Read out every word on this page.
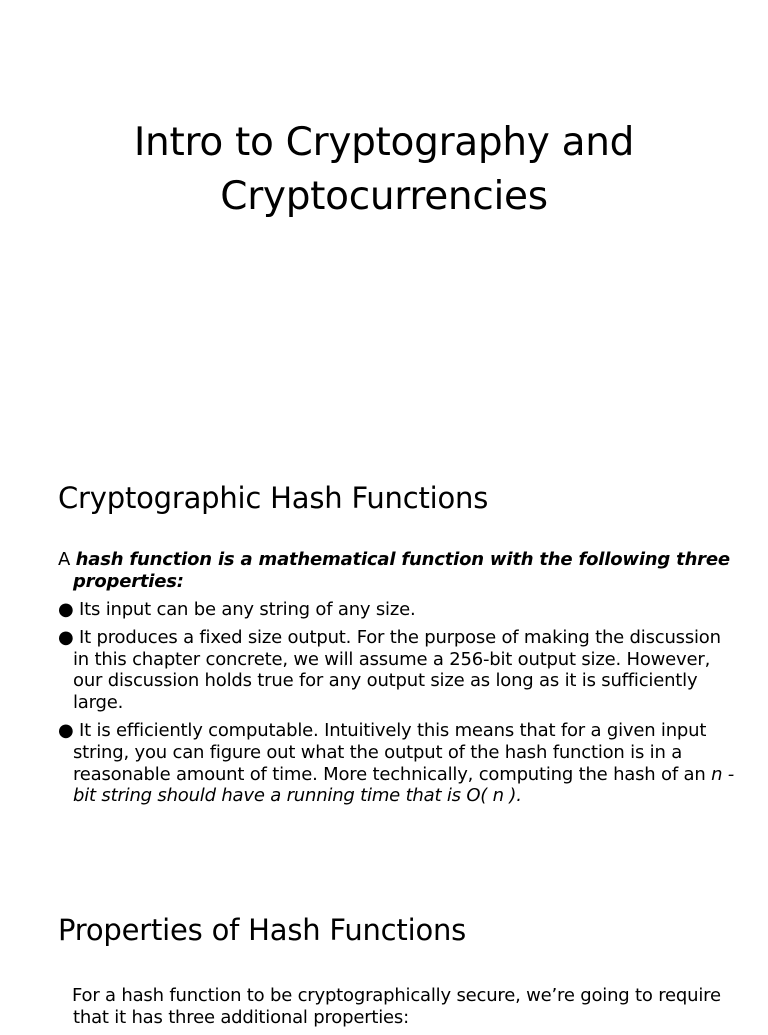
Intro to Cryptography and
Cryptocurrencies
Cryptographic Hash Functions

A hash function is a mathematical function with the following three properties:

● Its input can be any string of any size.

● It produces a fixed size output. For the purpose of making the discussion in this chapter concrete, we will assume a 256-bit output size. However, our discussion holds true for any output size as long as it is sufficiently large.

● It is efficiently computable. Intuitively this means that for a given input string, you can figure out what the output of the hash function is in a reasonable amount of time. More technically, computing the hash of an n -bit string should have a running time that is O( n ).

Properties of Hash Functions

For a hash function to be cryptographically secure, we’re going to require that it has three additional properties:
